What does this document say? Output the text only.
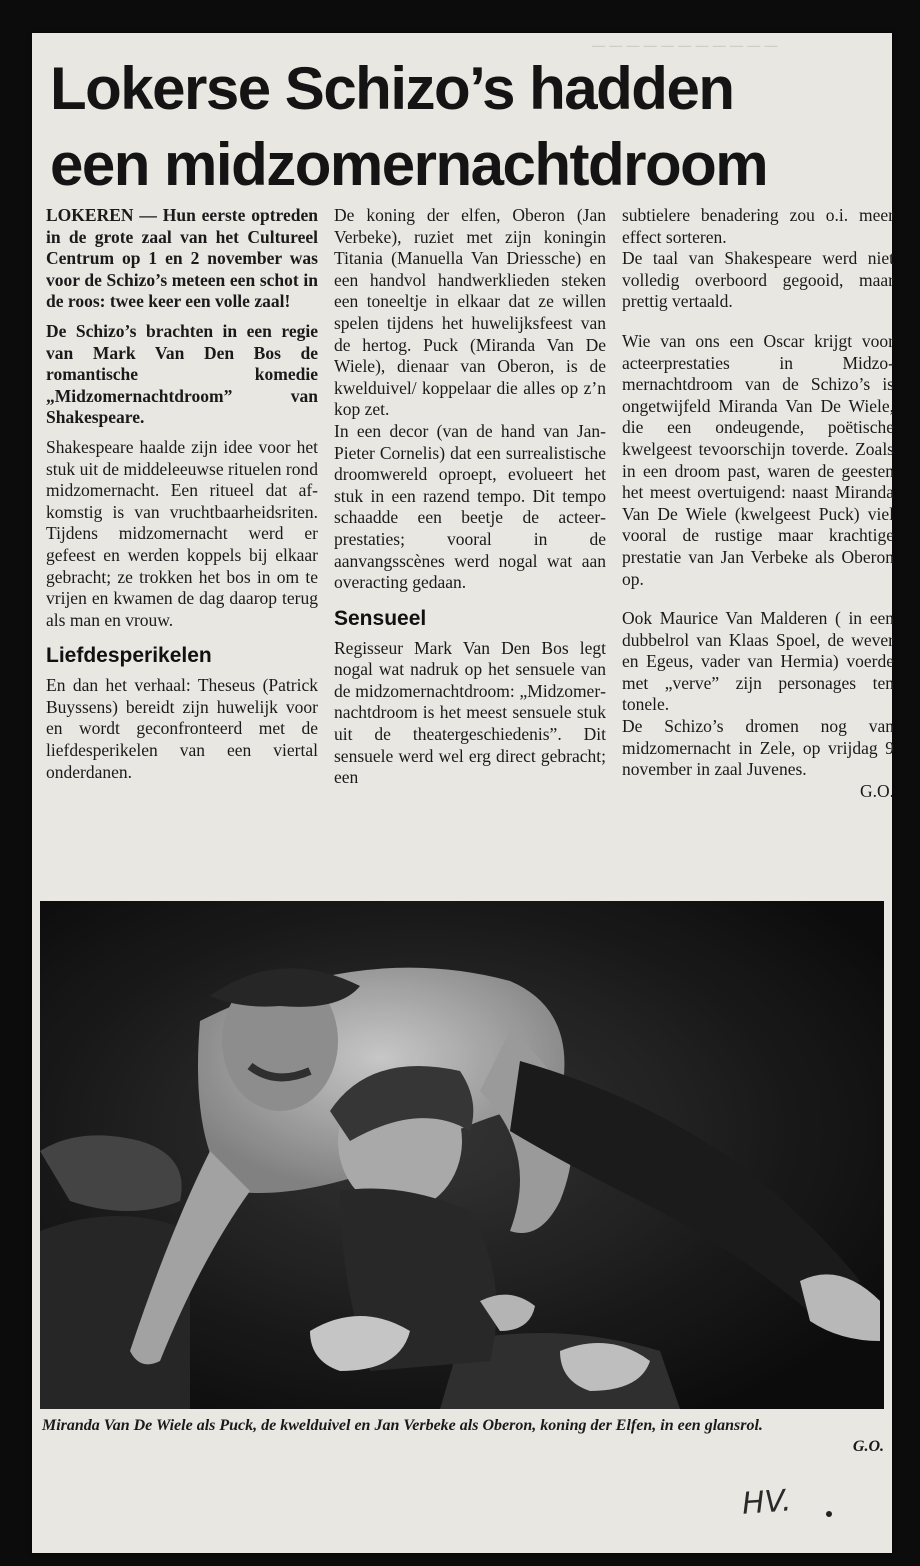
— — — — — — — — — — —
Lokerse Schizo’s hadden
een midzomernachtdroom

LOKEREN — Hun eerste optreden in de grote zaal van het Cultureel Centrum op 1 en 2 november was voor de Schizo’s meteen een schot in de roos: twee keer een volle zaal!

De Schizo’s brachten in een regie van Mark Van Den Bos de romantische komedie „Midzomernachtdroom” van Shakespeare.

Shakespeare haalde zijn idee voor het stuk uit de middeleeuwse rituelen rond midzomernacht. Een ritueel dat afkomstig is van vruchtbaarheidsriten. Tijdens midzomernacht werd er gefeest en werden koppels bij elkaar gebracht; ze trokken het bos in om te vrijen en kwamen de dag daarop terug als man en vrouw.

Liefdesperikelen

En dan het verhaal: Theseus (Patrick Buyssens) bereidt zijn huwelijk voor en wordt geconfronteerd met de liefdesperikelen van een viertal onderdanen.

De koning der elfen, Oberon (Jan Verbeke), ruziet met zijn koningin Titania (Manuella Van Driessche) en een handvol handwerklieden steken een toneeltje in elkaar dat ze willen spelen tijdens het huwelijksfeest van de hertog. Puck (Miranda Van De Wiele), dienaar van Oberon, is de kwelduivel/ koppelaar die alles op z’n kop zet.

In een decor (van de hand van Jan-Pieter Cornelis) dat een surrealistische droomwereld oproept, evolueert het stuk in een razend tempo. Dit tempo schaadde een beetje de acteerprestaties; vooral in de aanvangsscènes werd nogal wat aan overacting gedaan.

Sensueel

Regisseur Mark Van Den Bos legt nogal wat nadruk op het sensuele van de midzomernachtdroom: „Midzomernachtdroom is het meest sensuele stuk uit de theatergeschiedenis”. Dit sensuele werd wel erg direct gebracht; een

subtielere benadering zou o.i. meer effect sorteren.

De taal van Shakespeare werd niet volledig overboord gegooid, maar prettig vertaald.

Wie van ons een Oscar krijgt voor acteerprestaties in Midzomernachtdroom van de Schizo’s is ongetwijfeld Miranda Van De Wiele, die een ondeugende, poëtische kwelgeest tevoorschijn toverde. Zoals in een droom past, waren de geesten het meest overtuigend: naast Miranda Van De Wiele (kwelgeest Puck) viel vooral de rustige maar krachtige prestatie van Jan Verbeke als Oberon op.

Ook Maurice Van Malderen ( in een dubbelrol van Klaas Spoel, de wever en Egeus, vader van Hermia) voerde met „verve” zijn personages ten tonele.

De Schizo’s dromen nog van midzomernacht in Zele, op vrijdag 9 november in zaal Juvenes.

G.O.
Miranda Van De Wiele als Puck, de kwelduivel en Jan Verbeke als Oberon, koning der Elfen, in een glansrol.
G.O.
HV.
